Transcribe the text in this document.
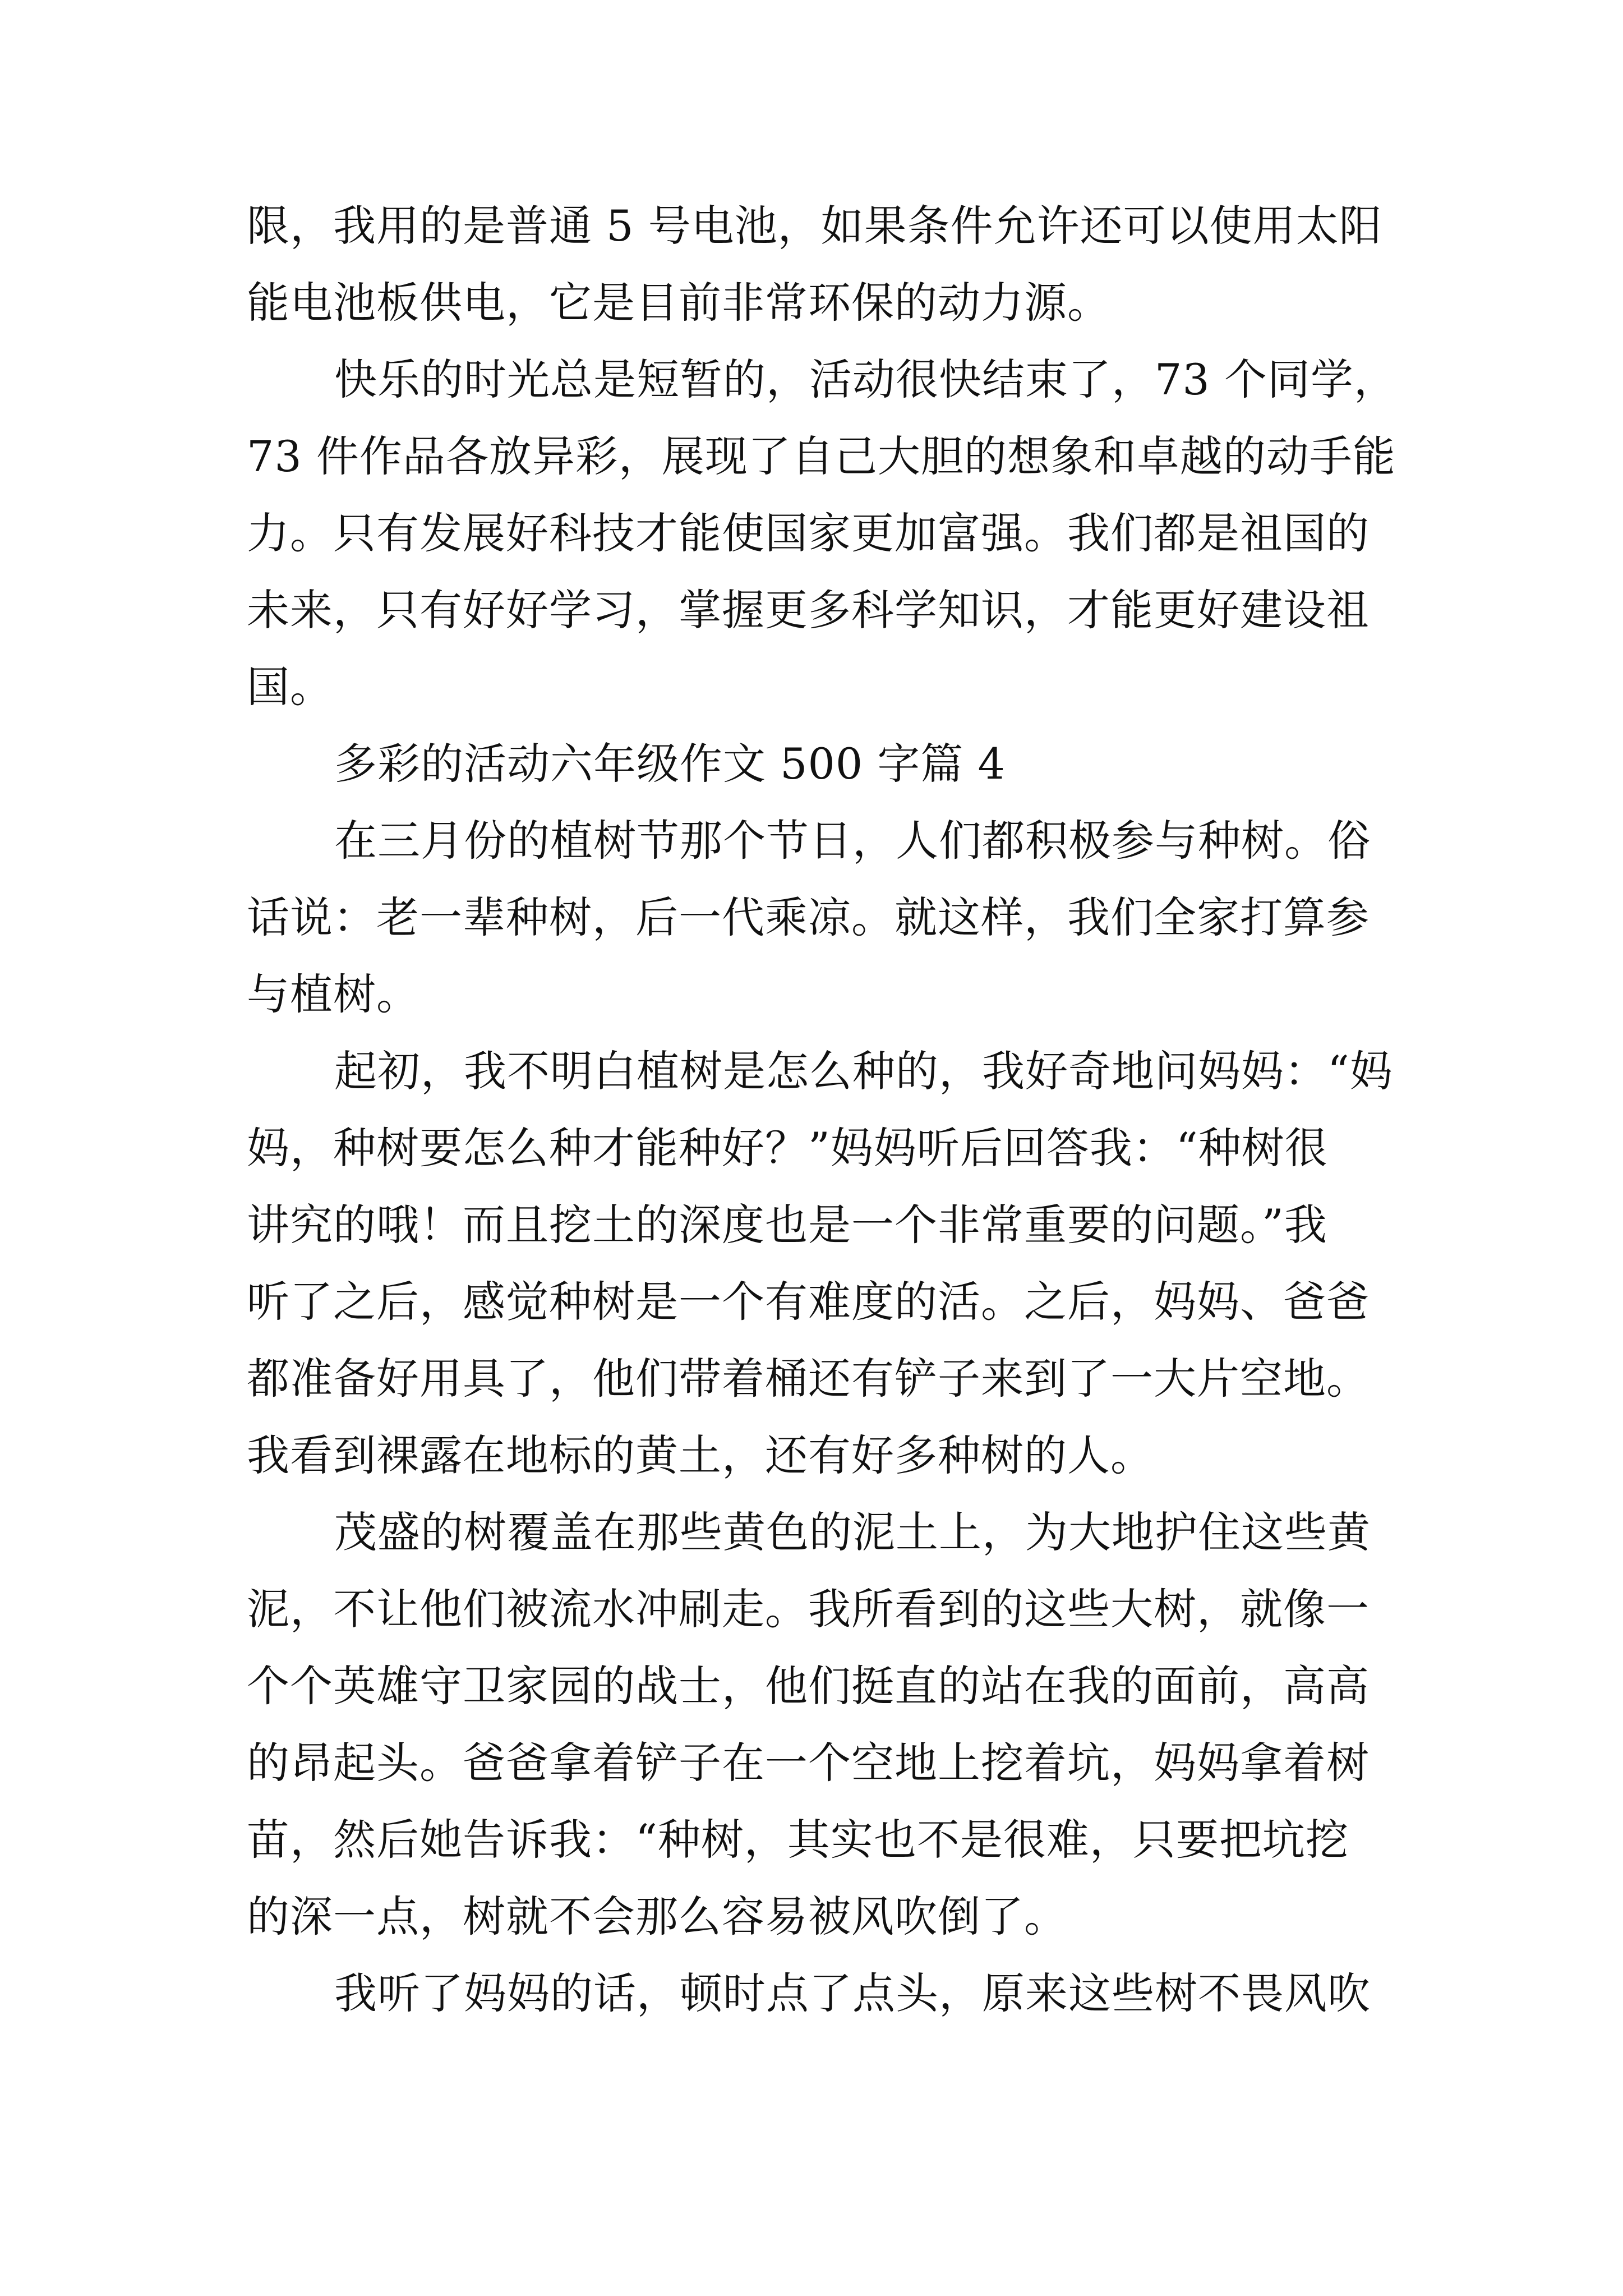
限，我用的是普通 5 号电池，如果条件允许还可以使用太阳

能电池板供电，它是目前非常环保的动力源。

快乐的时光总是短暂的，活动很快结束了，73 个同学，

73 件作品各放异彩，展现了自己大胆的想象和卓越的动手能

力。只有发展好科技才能使国家更加富强。我们都是祖国的

未来，只有好好学习，掌握更多科学知识，才能更好建设祖

国。

多彩的活动六年级作文 500 字篇 4

在三月份的植树节那个节日，人们都积极参与种树。俗

话说：老一辈种树，后一代乘凉。就这样，我们全家打算参

与植树。

起初，我不明白植树是怎么种的，我好奇地问妈妈：“妈

妈，种树要怎么种才能种好？”妈妈听后回答我：“种树很

讲究的哦！而且挖土的深度也是一个非常重要的问题。”我

听了之后，感觉种树是一个有难度的活。之后，妈妈、爸爸

都准备好用具了，他们带着桶还有铲子来到了一大片空地。

我看到裸露在地标的黄土，还有好多种树的人。

茂盛的树覆盖在那些黄色的泥土上，为大地护住这些黄

泥，不让他们被流水冲刷走。我所看到的这些大树，就像一

个个英雄守卫家园的战士，他们挺直的站在我的面前，高高

的昂起头。爸爸拿着铲子在一个空地上挖着坑，妈妈拿着树

苗，然后她告诉我：“种树，其实也不是很难，只要把坑挖

的深一点，树就不会那么容易被风吹倒了。

我听了妈妈的话，顿时点了点头，原来这些树不畏风吹
